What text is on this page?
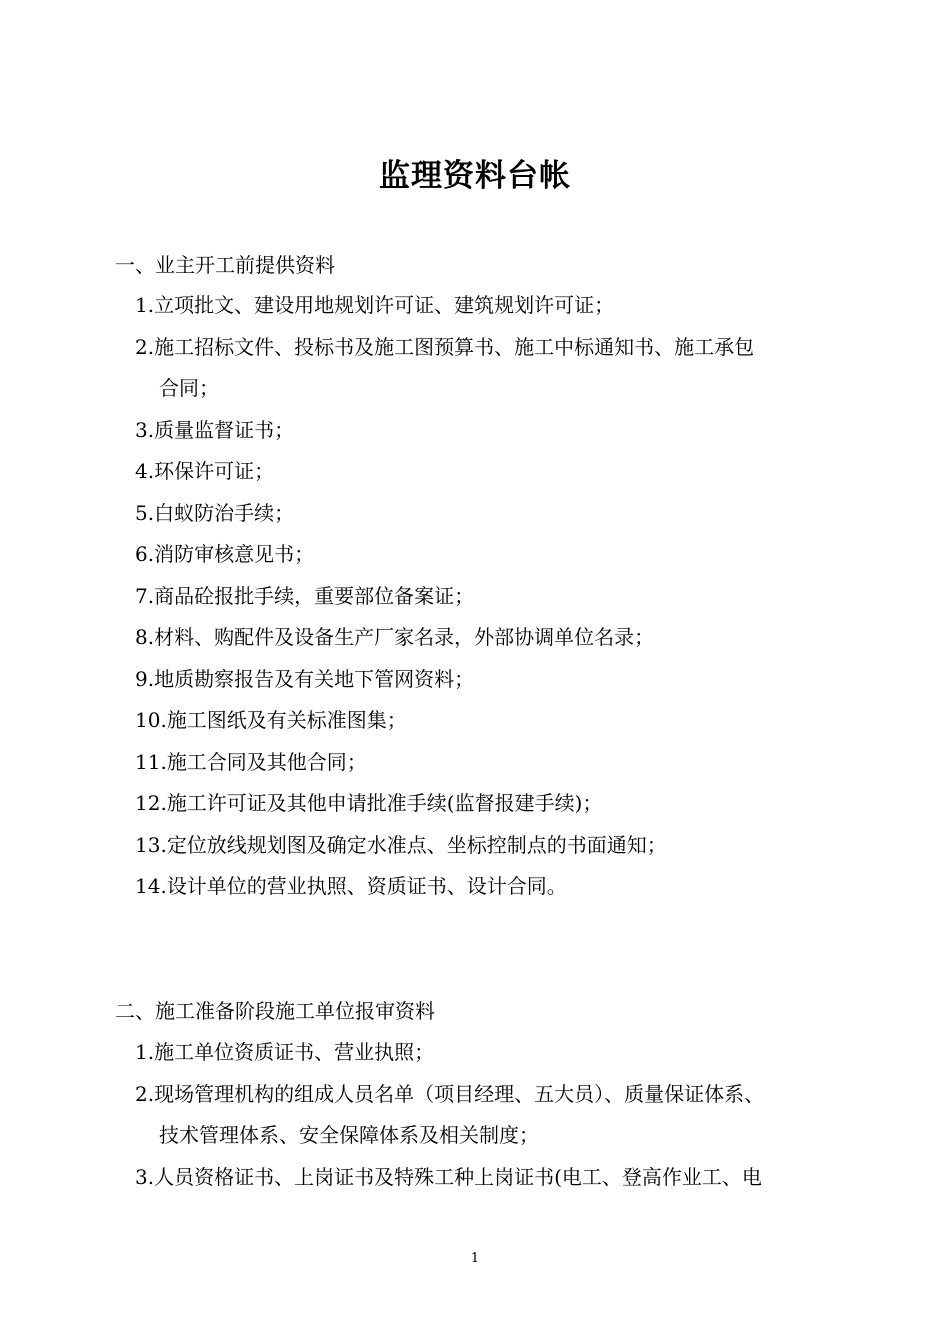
监理资料台帐
一、业主开工前提供资料
1.立项批文、建设用地规划许可证、建筑规划许可证；
2.施工招标文件、投标书及施工图预算书、施工中标通知书、施工承包
合同；
3.质量监督证书；
4.环保许可证；
5.白蚁防治手续；
6.消防审核意见书；
7.商品砼报批手续，重要部位备案证；
8.材料、购配件及设备生产厂家名录，外部协调单位名录；
9.地质勘察报告及有关地下管网资料；
10.施工图纸及有关标准图集；
11.施工合同及其他合同；
12.施工许可证及其他申请批准手续(监督报建手续)；
13.定位放线规划图及确定水准点、坐标控制点的书面通知；
14.设计单位的营业执照、资质证书、设计合同。
二、施工准备阶段施工单位报审资料
1.施工单位资质证书、营业执照；
2.现场管理机构的组成人员名单（项目经理、五大员）、质量保证体系、
技术管理体系、安全保障体系及相关制度；
3.人员资格证书、上岗证书及特殊工种上岗证书(电工、登高作业工、电
1
